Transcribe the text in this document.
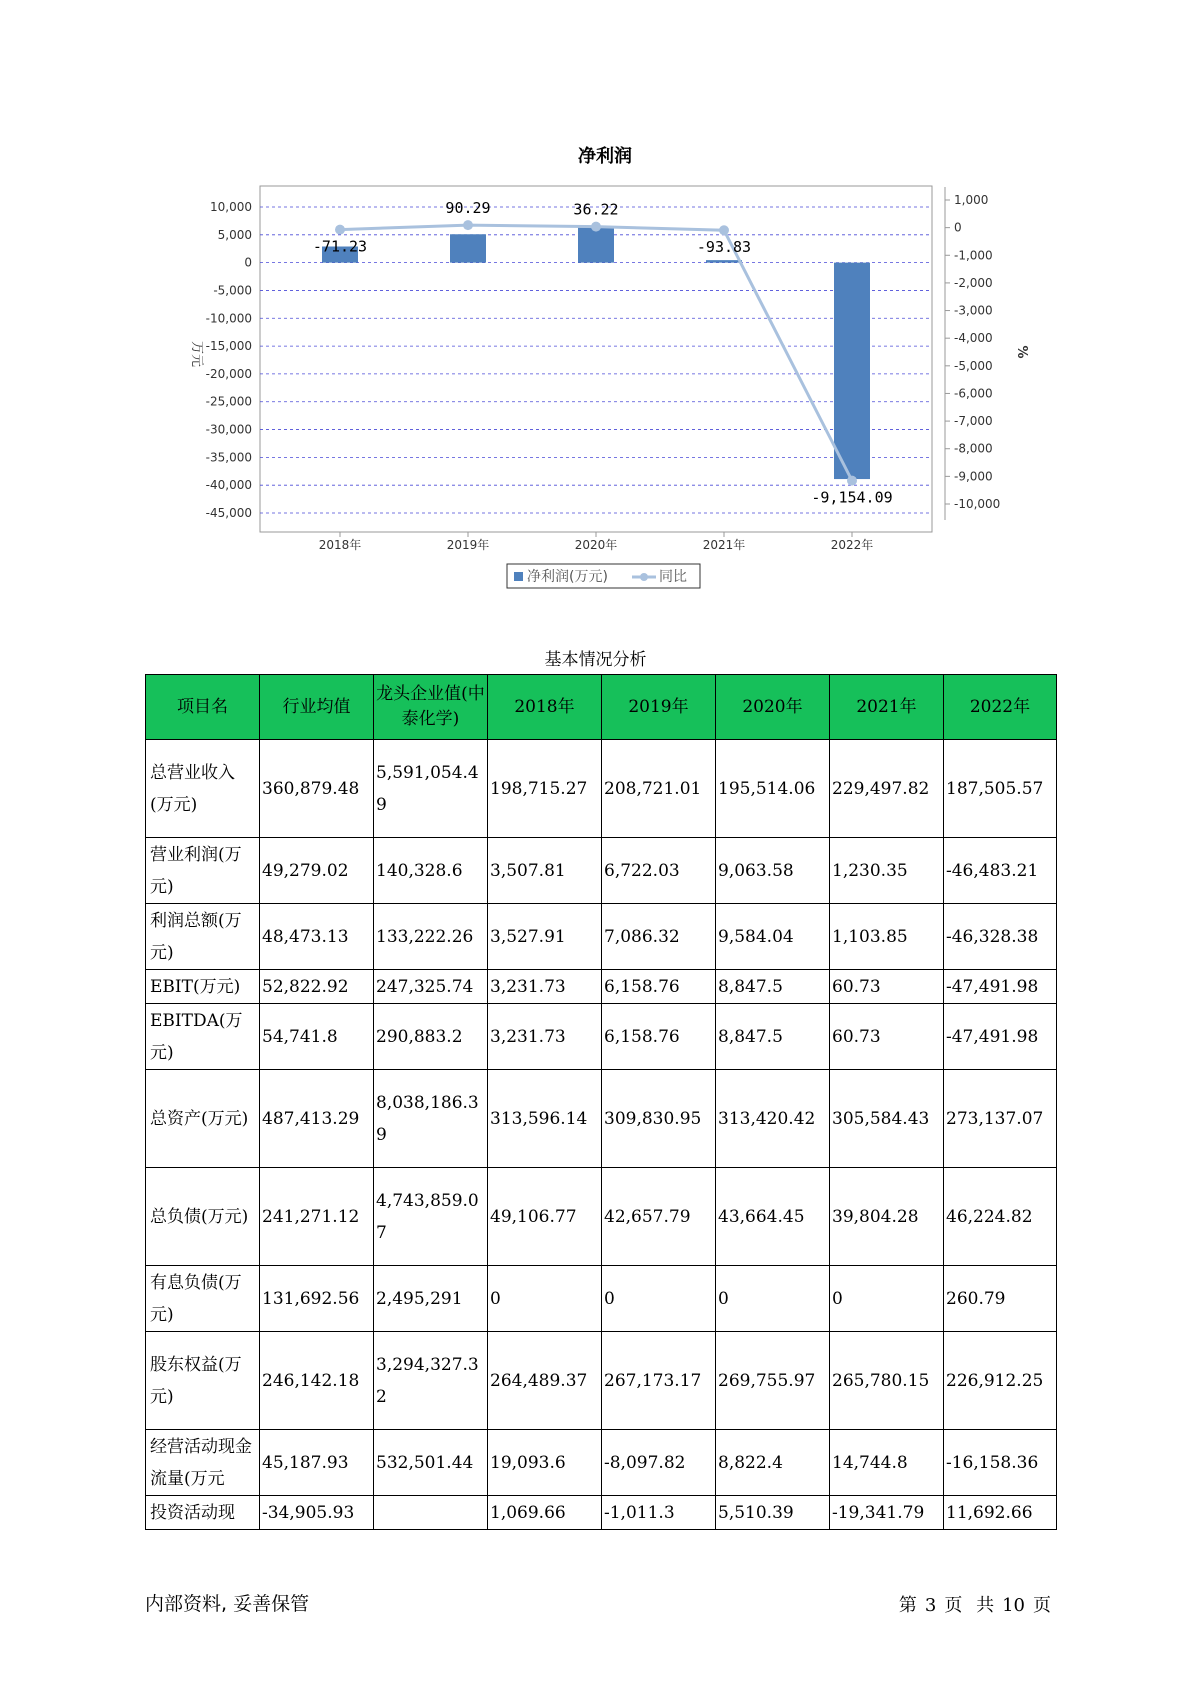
净利润
10,000
5,000
0
-5,000
-10,000
-15,000
-20,000
-25,000
-30,000
-35,000
-40,000
-45,000
1,000
0
-1,000
-2,000
-3,000
-4,000
-5,000
-6,000
-7,000
-8,000
-9,000
-10,000
万元	%
2018年	2019年	2020年	2021年	2022年
-71.23
90.29	36.22
-93.83
-9,154.09
净利润(万元)	同比
基本情况分析
项目名	行业均值	龙头企业值(中泰化学)	2018年	2019年	2020年	2021年	2022年
总营业收入(万元)	360,879.48	5,591,054.49	198,715.27	208,721.01	195,514.06	229,497.82	187,505.57
营业利润(万元)	49,279.02	140,328.6	3,507.81	6,722.03	9,063.58	1,230.35	-46,483.21
利润总额(万元)	48,473.13	133,222.26	3,527.91	7,086.32	9,584.04	1,103.85	-46,328.38
EBIT(万元)	52,822.92	247,325.74	3,231.73	6,158.76	8,847.5	60.73	-47,491.98
EBITDA(万元)	54,741.8	290,883.2	3,231.73	6,158.76	8,847.5	60.73	-47,491.98
总资产(万元)	487,413.29	8,038,186.39	313,596.14	309,830.95	313,420.42	305,584.43	273,137.07
总负债(万元)	241,271.12	4,743,859.07	49,106.77	42,657.79	43,664.45	39,804.28	46,224.82
有息负债(万元)	131,692.56	2,495,291	0	0	0	0	260.79
股东权益(万元)	246,142.18	3,294,327.32	264,489.37	267,173.17	269,755.97	265,780.15	226,912.25
经营活动现金流量(万元	45,187.93	532,501.44	19,093.6	-8,097.82	8,822.4	14,744.8	-16,158.36
投资活动现	-34,905.93		1,069.66	-1,011.3	5,510.39	-19,341.79	11,692.66
内部资料, 妥善保管	第 3 页 共 10 页
